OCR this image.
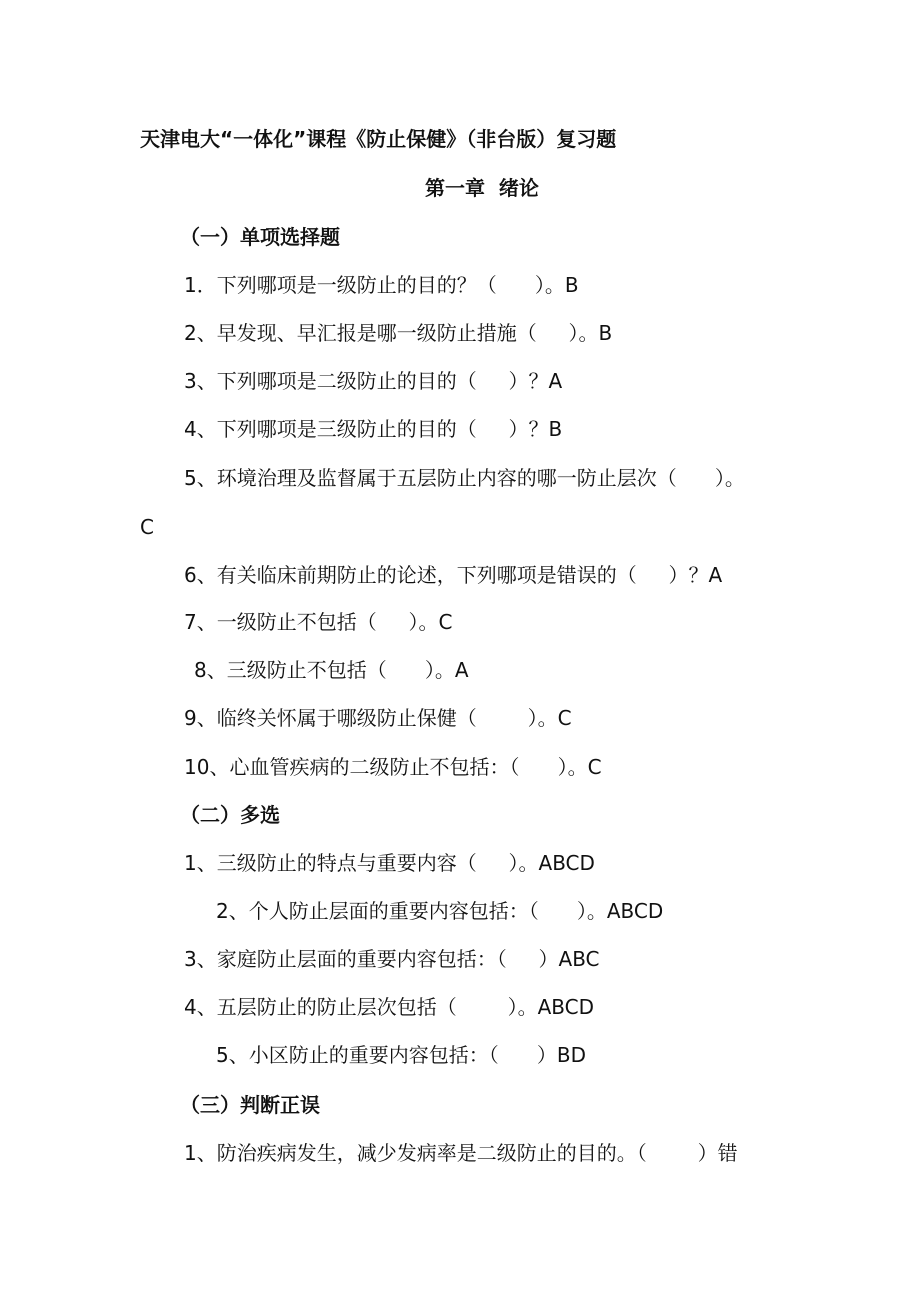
天津电大“一体化”课程《防止保健》（非台版）复习题
第一章  绪论
（一）单项选择题
1．下列哪项是一级防止的目的？（      ）。B
2、早发现、早汇报是哪一级防止措施（     ）。B
3、下列哪项是二级防止的目的（     ）？A
4、下列哪项是三级防止的目的（     ）？B
5、环境治理及监督属于五层防止内容的哪一防止层次（      ）。
C
6、有关临床前期防止的论述，下列哪项是错误的（     ）？A
7、一级防止不包括（     ）。C
8、三级防止不包括（      ）。A
9、临终关怀属于哪级防止保健（        ）。C
10、心血管疾病的二级防止不包括：（      ）。C
（二）多选
1、三级防止的特点与重要内容（     ）。ABCD
2、个人防止层面的重要内容包括：（      ）。ABCD
3、家庭防止层面的重要内容包括：（     ）ABC
4、五层防止的防止层次包括（        ）。ABCD
5、小区防止的重要内容包括：（      ）BD
（三）判断正误
1、防治疾病发生，减少发病率是二级防止的目的。（        ）错
